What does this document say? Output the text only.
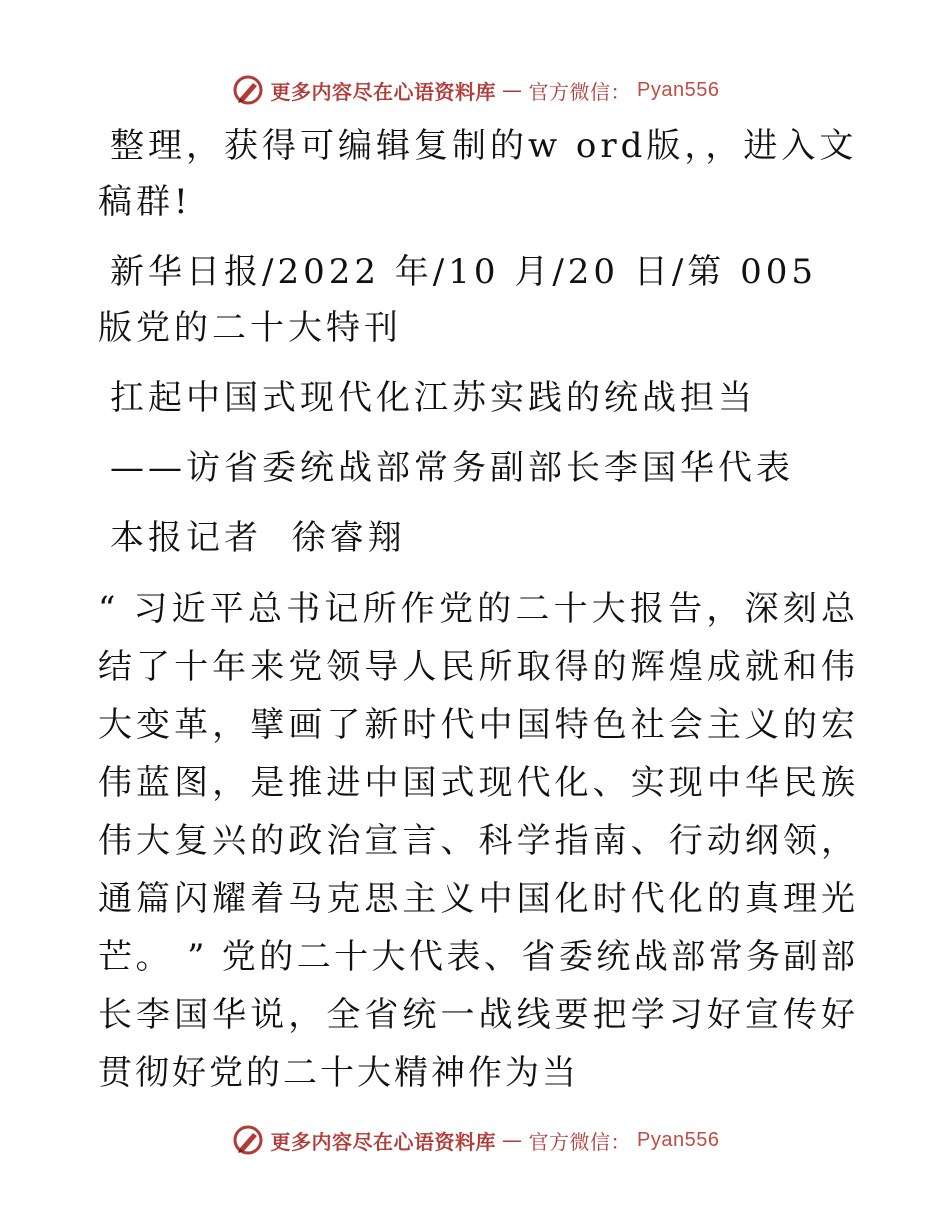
更多内容尽在心语资料库 — 官方微信： Pyan556

整理，获得可编辑复制的w ord版，，进入文稿群!

新华日报/2022 年/10 月/20 日/第 005 版党的二十大特刊

扛起中国式现代化江苏实践的统战担当

——访省委统战部常务副部长李国华代表

本报记者  徐睿翔

“ 习近平总书记所作党的二十大报告，深刻总结了十年来党领导人民所取得的辉煌成就和伟大变革，擘画了新时代中国特色社会主义的宏伟蓝图，是推进中国式现代化、实现中华民族伟大复兴的政治宣言、科学指南、行动纲领，通篇闪耀着马克思主义中国化时代化的真理光芒。 ” 党的二十大代表、省委统战部常务副部长李国华说，全省统一战线要把学习好宣传好贯彻好党的二十大精神作为当

更多内容尽在心语资料库 — 官方微信： Pyan556
